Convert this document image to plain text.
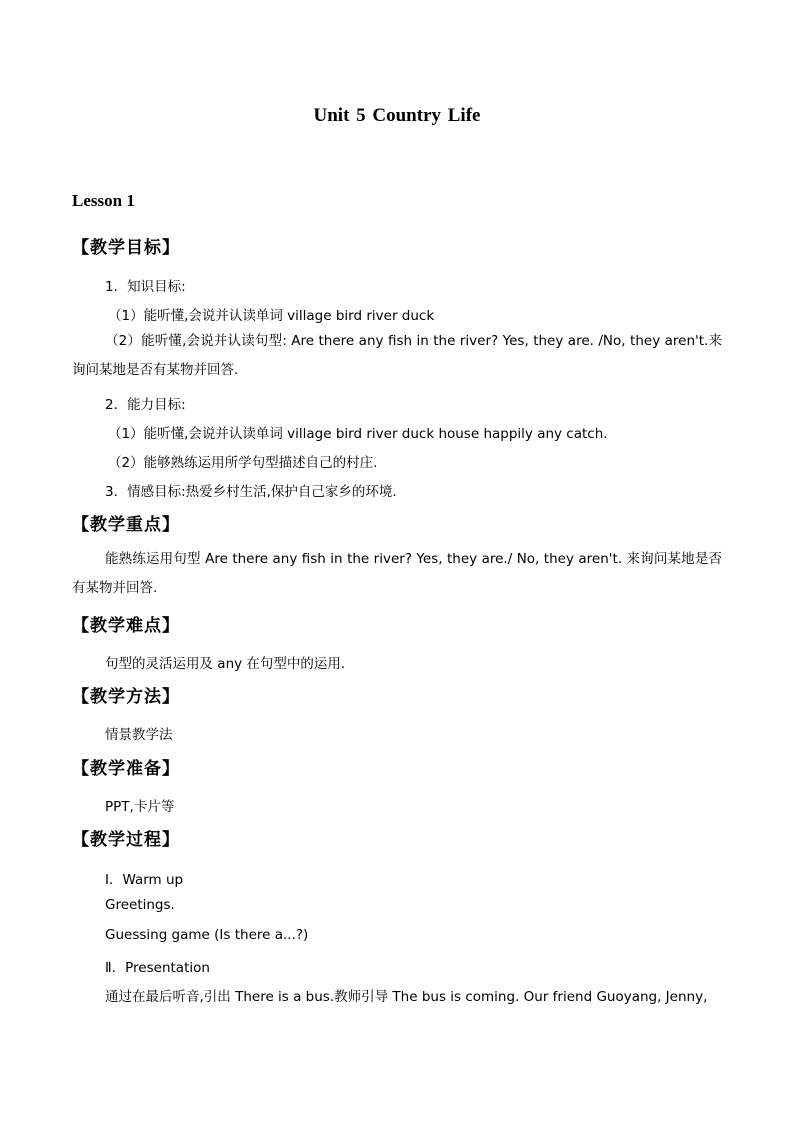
Unit 5 Country Life
Lesson 1
【教学目标】
1．知识目标:
（1）能听懂,会说并认读单词 village bird river duck
（2）能听懂,会说并认读句型: Are there any fish in the river? Yes, they are. /No, they aren't.来询问某地是否有某物并回答.
2．能力目标:
（1）能听懂,会说并认读单词 village bird river duck house happily any catch.
（2）能够熟练运用所学句型描述自己的村庄.
3．情感目标:热爱乡村生活,保护自己家乡的环境.
【教学重点】
能熟练运用句型 Are there any fish in the river? Yes, they are./ No, they aren't. 来询问某地是否有某物并回答.
【教学难点】
句型的灵活运用及 any 在句型中的运用.
【教学方法】
情景教学法
【教学准备】
PPT,卡片等
【教学过程】
Ⅰ．Warm up
Greetings.
Guessing game (Is there a...?)
Ⅱ．Presentation
通过在最后听音,引出 There is a bus.教师引导 The bus is coming. Our friend Guoyang, Jenny,
